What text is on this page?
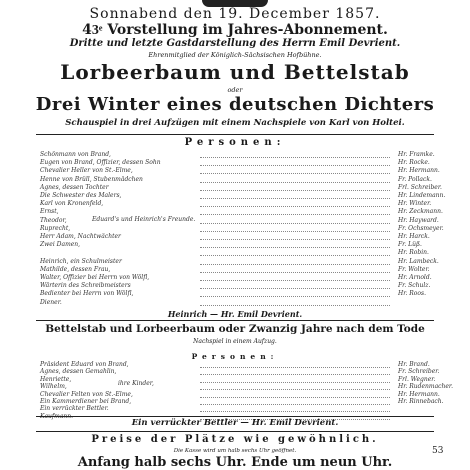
Sonnabend den 19. December 1857.
43ͤ Vorstellung im Jahres-Abonnement.
Dritte und letzte Gastdarstellung des Herrn Emil Devrient.
Ehrenmitglied der Königlich-Sächsischen Hofbühne.
Lorbeerbaum und Bettelstab
oder
Drei Winter eines deutschen Dichters
Schauspiel in drei Aufzügen mit einem Nachspiele von Karl von Holtei.
Personen:
Schönmann von Brand,	Hr. Framke.
Eugen von Brand, Offizier, dessen Sohn	Hr. Rocke.
Chevalier Heller von St.-Elme,	Hr. Hermann.
Henne von Brüll, Stubenmädchen	Fr. Pollack.
Agnes, dessen Tochter	Frl. Schreiber.
Die Schwester des Malers,	Hr. Lindemann.
Karl von Kronenfeld,	Hr. Winter.
Ernst,	Hr. Zeckmann.
Theodor,	Hr. Hayward.
Ruprecht,	Fr. Ochsmeyer.
Herr Adam, Nachtwächter	Hr. Harck.
Zwei Damen,	Fr. Lüß.
Hr. Robin.
Heinrich, ein Schulmeister	Hr. Lambeck.
Mathilde, dessen Frau,	Fr. Wolter.
Walter, Offizier bei Herrn von Wölfl,	Hr. Arnold.
Wärterin des Schreibmeisters	Fr. Schulz.
Bedienter bei Herrn von Wölfl,	Hr. Roos.
Diener.
Eduard's und Heinrich's Freunde.
Heinrich — Hr. Emil Devrient.
Bettelstab und Lorbeerbaum oder Zwanzig Jahre nach dem Tode
Nachspiel in einem Aufzug.
Personen:
Präsident Eduard von Brand,	Hr. Brand.
Agnes, dessen Gemahlin,	Fr. Schreiber.
Henriette,	Frl. Wegner.
Wilhelm,	Hr. Rudenmacher.
Chevalier Felten von St.-Elme,	Hr. Hermann.
Ein Kammerdiener bei Brand,	Hr. Rinnebach.
Ein verrückter Bettler.
Kaufmann.
ihre Kinder,
Ein verrückter Bettler — Hr. Emil Devrient.
Preise der Plätze wie gewöhnlich.
Die Kasse wird um halb sechs Uhr geöffnet.
Anfang halb sechs Uhr. Ende um neun Uhr.
53
